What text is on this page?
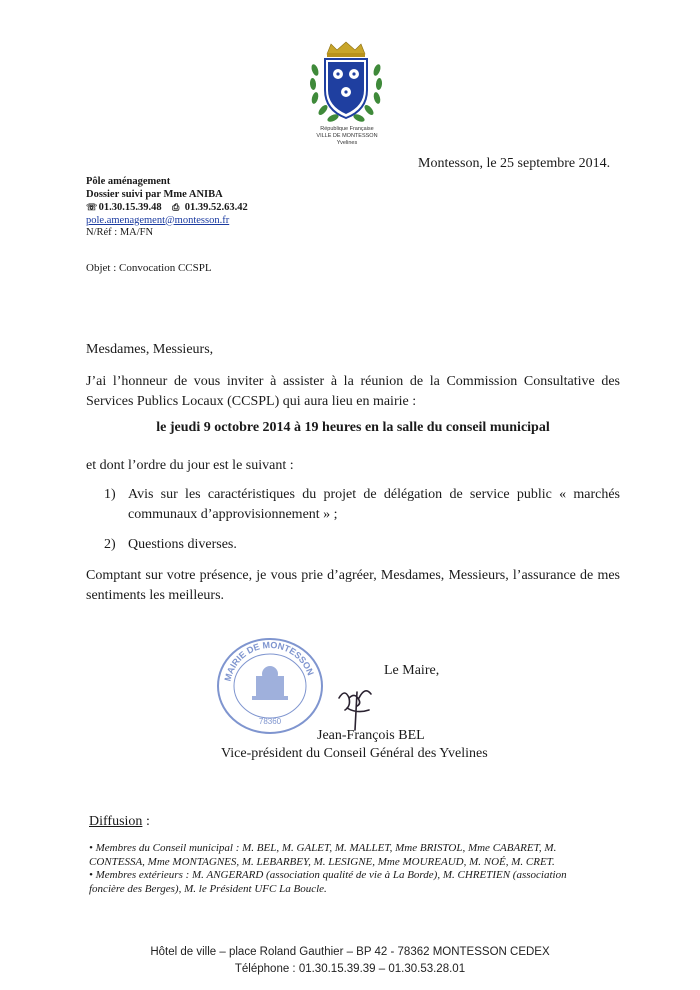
République Française
VILLE DE MONTESSON
Yvelines
Montesson, le 25 septembre 2014.
Pôle aménagement
Dossier suivi par Mme ANIBA
☏ 01.30.15.39.48 ⎙ 01.39.52.63.42
pole.amenagement@montesson.fr
N/Réf : MA/FN
Objet : Convocation CCSPL
Mesdames, Messieurs,
J’ai l’honneur de vous inviter à assister à la réunion de la Commission Consultative des Services Publics Locaux (CCSPL) qui aura lieu en mairie :
le jeudi 9 octobre 2014 à 19 heures en la salle du conseil municipal
et dont l’ordre du jour est le suivant :
1) Avis sur les caractéristiques du projet de délégation de service public « marchés communaux d’approvisionnement » ;
2) Questions diverses.
Comptant sur votre présence, je vous prie d’agréer, Mesdames, Messieurs, l’assurance de mes sentiments les meilleurs.
MAIRIE DE MONTESSON
78360
Le Maire,
Jean-François BEL
Vice-président du Conseil Général des Yvelines
Diffusion :
• Membres du Conseil municipal : M. BEL, M. GALET, M. MALLET, Mme BRISTOL, Mme CABARET, M.
CONTESSA, Mme MONTAGNES, M. LEBARBEY, M. LESIGNE, Mme MOUREAUD, M. NOÉ, M. CRET.
• Membres extérieurs : M. ANGERARD (association qualité de vie à La Borde), M. CHRETIEN (association
foncière des Berges), M. le Président UFC La Boucle.
Hôtel de ville – place Roland Gauthier – BP 42 - 78362 MONTESSON CEDEX
Téléphone : 01.30.15.39.39 – 01.30.53.28.01
